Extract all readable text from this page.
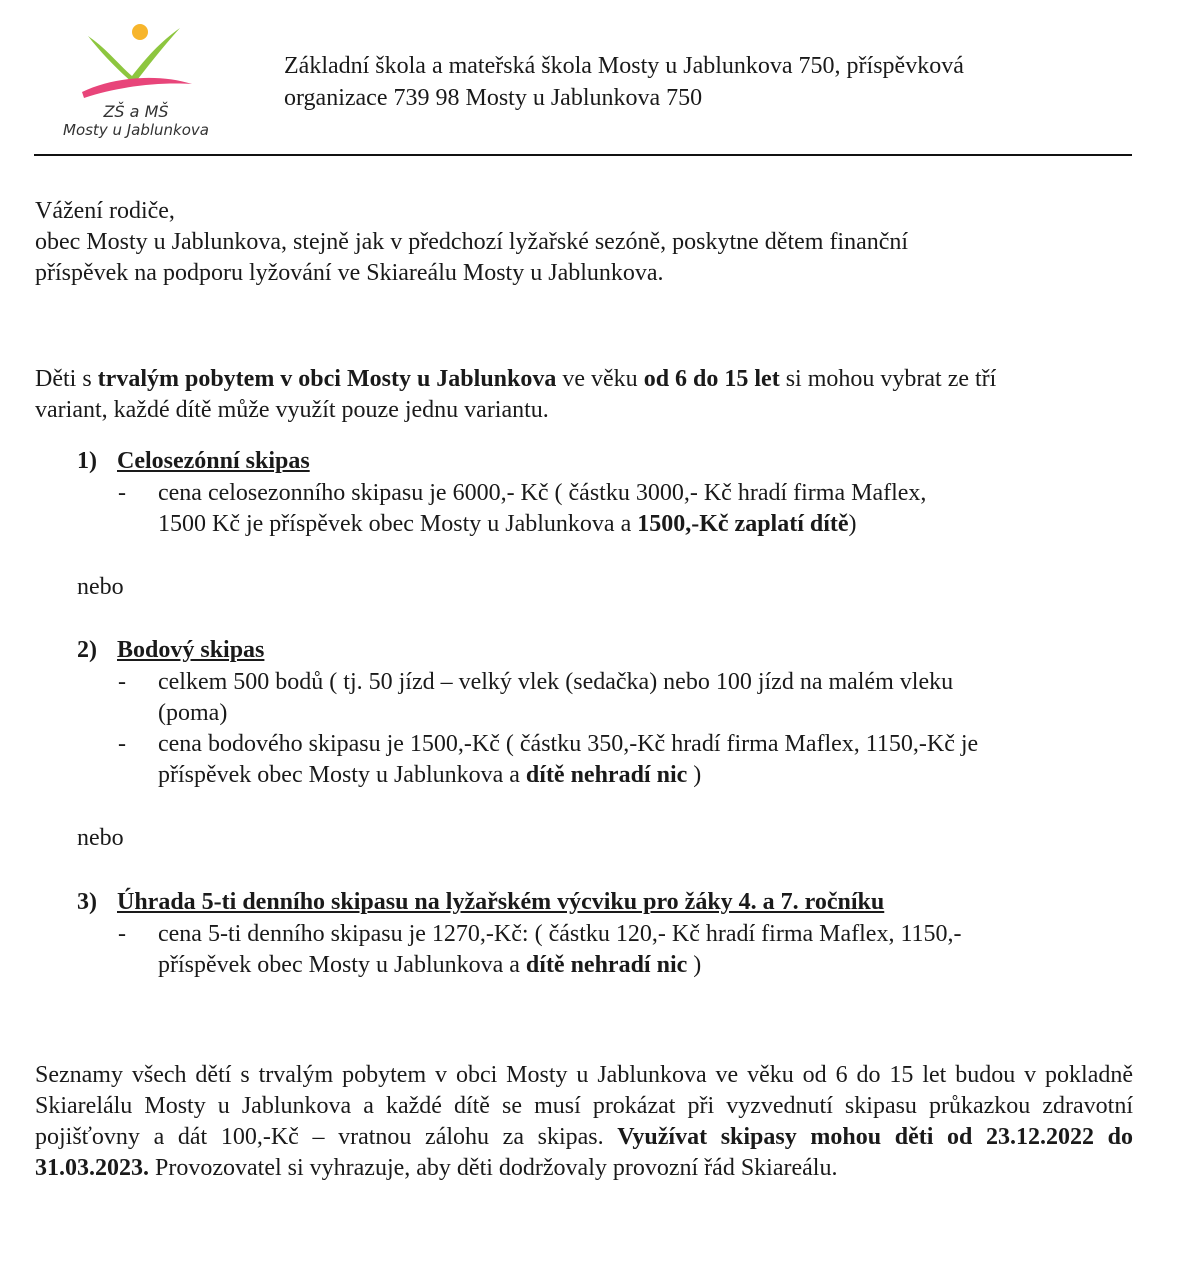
ZŠ a MŠ
Mosty u Jablunkova
Základní škola a mateřská škola Mosty u Jablunkova 750, příspěvková
organizace 739 98 Mosty u Jablunkova 750
Vážení rodiče,
obec Mosty u Jablunkova, stejně jak v předchozí lyžařské sezóně, poskytne dětem finanční
příspěvek na podporu lyžování ve Skiareálu Mosty u Jablunkova.
Děti s trvalým pobytem v obci Mosty u Jablunkova ve věku od 6 do 15 let si mohou vybrat ze tří
variant, každé dítě může využít pouze jednu variantu.
1) Celosezónní skipas
- cena celosezonního skipasu je 6000,- Kč ( částku 3000,- Kč hradí firma Maflex,
1500 Kč je příspěvek obec Mosty u Jablunkova a 1500,-Kč zaplatí dítě)
nebo
2) Bodový skipas
- celkem 500 bodů ( tj. 50 jízd – velký vlek (sedačka) nebo 100 jízd na malém vleku
(poma)
- cena bodového skipasu je 1500,-Kč ( částku 350,-Kč hradí firma Maflex, 1150,-Kč je
příspěvek obec Mosty u Jablunkova a dítě nehradí nic )
nebo
3) Úhrada 5-ti denního skipasu na lyžařském výcviku pro žáky 4. a 7. ročníku
- cena 5-ti denního skipasu je 1270,-Kč: ( částku 120,- Kč hradí firma Maflex, 1150,-
příspěvek obec Mosty u Jablunkova a dítě nehradí nic )
Seznamy všech dětí s trvalým pobytem v obci Mosty u Jablunkova ve věku od 6 do 15 let budou v pokladně Skiarelálu Mosty u Jablunkova a každé dítě se musí prokázat při vyzvednutí skipasu průkazkou zdravotní pojišťovny a dát 100,-Kč – vratnou zálohu za skipas. Využívat skipasy mohou děti od 23.12.2022 do 31.03.2023. Provozovatel si vyhrazuje, aby děti dodržovaly provozní řád Skiareálu.
